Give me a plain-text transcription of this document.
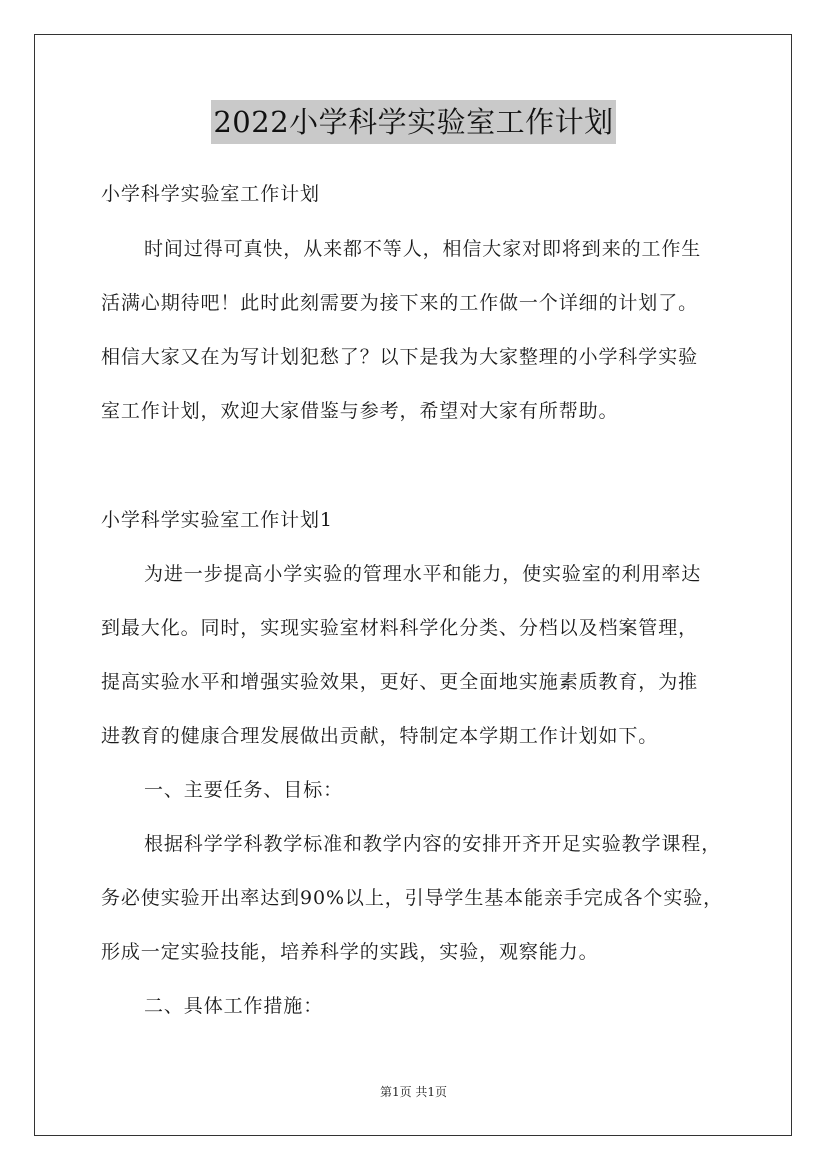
2022小学科学实验室工作计划
小学科学实验室工作计划
时间过得可真快，从来都不等人，相信大家对即将到来的工作生
活满心期待吧！此时此刻需要为接下来的工作做一个详细的计划了。
相信大家又在为写计划犯愁了？以下是我为大家整理的小学科学实验
室工作计划，欢迎大家借鉴与参考，希望对大家有所帮助。
小学科学实验室工作计划1
为进一步提高小学实验的管理水平和能力，使实验室的利用率达
到最大化。同时，实现实验室材料科学化分类、分档以及档案管理，
提高实验水平和增强实验效果，更好、更全面地实施素质教育，为推
进教育的健康合理发展做出贡献，特制定本学期工作计划如下。
一、主要任务、目标：
根据科学学科教学标准和教学内容的安排开齐开足实验教学课程，
务必使实验开出率达到90%以上，引导学生基本能亲手完成各个实验，
形成一定实验技能，培养科学的实践，实验，观察能力。
二、具体工作措施：
第1页 共1页
